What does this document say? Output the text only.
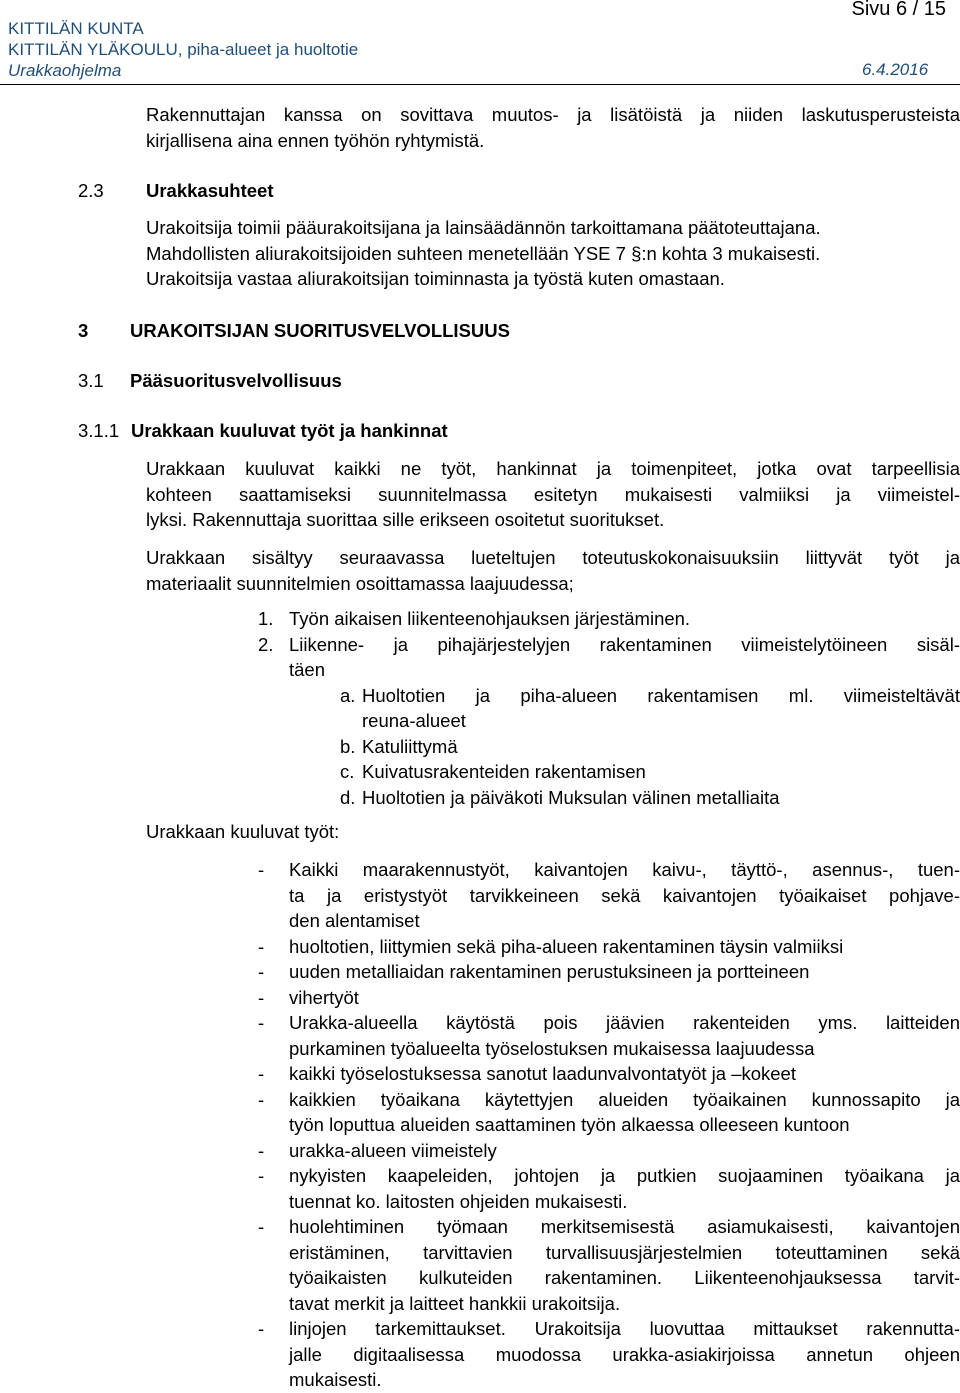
KITTILÄN KUNTA
KITTILÄN YLÄKOULU, piha-alueet ja huoltotie
Urakkaohjelma
Sivu 6 / 15
6.4.2016
Rakennuttajan kanssa on sovittava muutos- ja lisätöistä ja niiden laskutusperusteista
kirjallisena aina ennen työhön ryhtymistä.
2.3 Urakkasuhteet
Urakoitsija toimii pääurakoitsijana ja lainsäädännön tarkoittamana päätoteuttajana.
Mahdollisten aliurakoitsijoiden suhteen menetellään YSE 7 §:n kohta 3 mukaisesti.
Urakoitsija vastaa aliurakoitsijan toiminnasta ja työstä kuten omastaan.
3 URAKOITSIJAN SUORITUSVELVOLLISUUS
3.1 Pääsuoritusvelvollisuus
3.1.1 Urakkaan kuuluvat työt ja hankinnat
Urakkaan kuuluvat kaikki ne työt, hankinnat ja toimenpiteet, jotka ovat tarpeellisia
kohteen saattamiseksi suunnitelmassa esitetyn mukaisesti valmiiksi ja viimeistel-
lyksi. Rakennuttaja suorittaa sille erikseen osoitetut suoritukset.
Urakkaan sisältyy seuraavassa lueteltujen toteutuskokonaisuuksiin liittyvät työt ja
materiaalit suunnitelmien osoittamassa laajuudessa;
1. Työn aikaisen liikenteenohjauksen järjestäminen.
2. Liikenne- ja pihajärjestelyjen rakentaminen viimeistelytöineen sisäl-
täen
a. Huoltotien ja piha-alueen rakentamisen ml. viimeisteltävät
reuna-alueet
b. Katuliittymä
c. Kuivatusrakenteiden rakentamisen
d. Huoltotien ja päiväkoti Muksulan välinen metalliaita
Urakkaan kuuluvat työt:
- Kaikki maarakennustyöt, kaivantojen kaivu-, täyttö-, asennus-, tuen-
ta ja eristystyöt tarvikkeineen sekä kaivantojen työaikaiset pohjave-
den alentamiset
- huoltotien, liittymien sekä piha-alueen rakentaminen täysin valmiiksi
- uuden metalliaidan rakentaminen perustuksineen ja portteineen
- vihertyöt
- Urakka-alueella käytöstä pois jäävien rakenteiden yms. laitteiden
purkaminen työalueelta työselostuksen mukaisessa laajuudessa
- kaikki työselostuksessa sanotut laadunvalvontatyöt ja –kokeet
- kaikkien työaikana käytettyjen alueiden työaikainen kunnossapito ja
työn loputtua alueiden saattaminen työn alkaessa olleeseen kuntoon
- urakka-alueen viimeistely
- nykyisten kaapeleiden, johtojen ja putkien suojaaminen työaikana ja
tuennat ko. laitosten ohjeiden mukaisesti.
- huolehtiminen työmaan merkitsemisestä asiamukaisesti, kaivantojen
eristäminen, tarvittavien turvallisuusjärjestelmien toteuttaminen sekä
työaikaisten kulkuteiden rakentaminen. Liikenteenohjauksessa tarvit-
tavat merkit ja laitteet hankkii urakoitsija.
- linjojen tarkemittaukset. Urakoitsija luovuttaa mittaukset rakennutta-
jalle digitaalisessa muodossa urakka-asiakirjoissa annetun ohjeen
mukaisesti.
